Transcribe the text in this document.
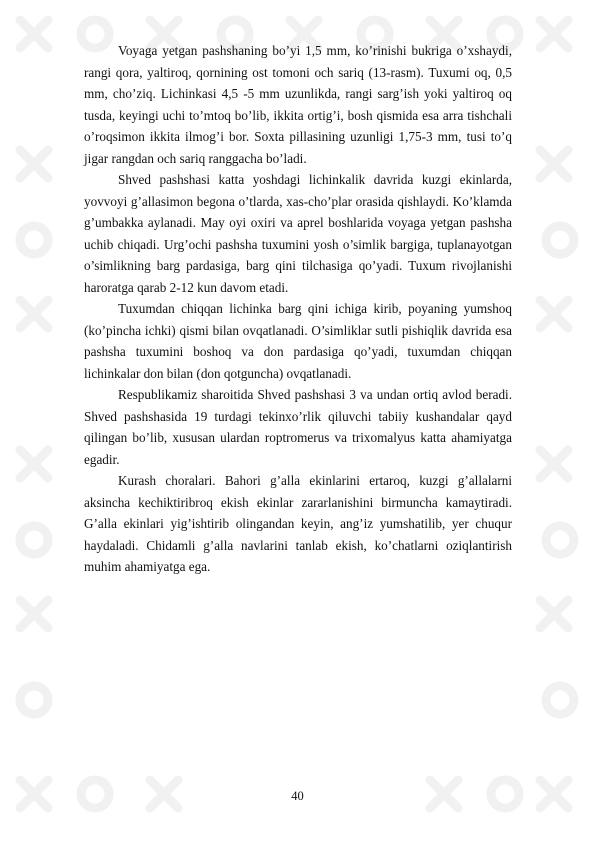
Voyaga yetgan pashshaning bo’yi 1,5 mm, ko’rinishi bukriga o’xshaydi, rangi qora, yaltiroq, qornining ost tomoni och sariq (13-rasm). Tuxumi oq, 0,5 mm, cho’ziq. Lichinkasi 4,5 -5 mm uzunlikda, rangi sarg’ish yoki yaltiroq oq tusda, keyingi uchi to’mtoq bo’lib, ikkita ortig’i, bosh qismida esa arra tishchali o’roqsimon ikkita ilmog’i bor. Soxta pillasining uzunligi 1,75-3 mm, tusi to’q jigar rangdan och sariq ranggacha bo’ladi.

Shved pashshasi katta yoshdagi lichinkalik davrida kuzgi ekinlarda, yovvoyi g’allasimon begona o’tlarda, xas-cho’plar orasida qishlaydi. Ko’klamda g’umbakka aylanadi. May oyi oxiri va aprel boshlarida voyaga yetgan pashsha uchib chiqadi. Urg’ochi pashsha tuxumini yosh o’simlik bargiga, tuplanayotgan o’simlikning barg pardasiga, barg qini tilchasiga qo’yadi. Tuxum rivojlanishi haroratga qarab 2-12 kun davom etadi.

Tuxumdan chiqqan lichinka barg qini ichiga kirib, poyaning yumshoq (ko’pincha ichki) qismi bilan ovqatlanadi. O’simliklar sutli pishiqlik davrida esa pashsha tuxumini boshoq va don pardasiga qo’yadi, tuxumdan chiqqan lichinkalar don bilan (don qotguncha) ovqatlanadi.

Respublikamiz sharoitida Shved pashshasi 3 va undan ortiq avlod beradi. Shved pashshasida 19 turdagi tekinxo’rlik qiluvchi tabiiy kushandalar qayd qilingan bo’lib, xususan ulardan roptromerus va trixomalyus katta ahamiyatga egadir.

Kurash choralari. Bahori g’alla ekinlarini ertaroq, kuzgi g’allalarni aksincha kechiktiribroq ekish ekinlar zararlanishini birmuncha kamaytiradi. G’alla ekinlari yig’ishtirib olingandan keyin, ang’iz yumshatilib, yer chuqur haydaladi. Chidamli g’alla navlarini tanlab ekish, ko’chatlarni oziqlantirish muhim ahamiyatga ega.

40
